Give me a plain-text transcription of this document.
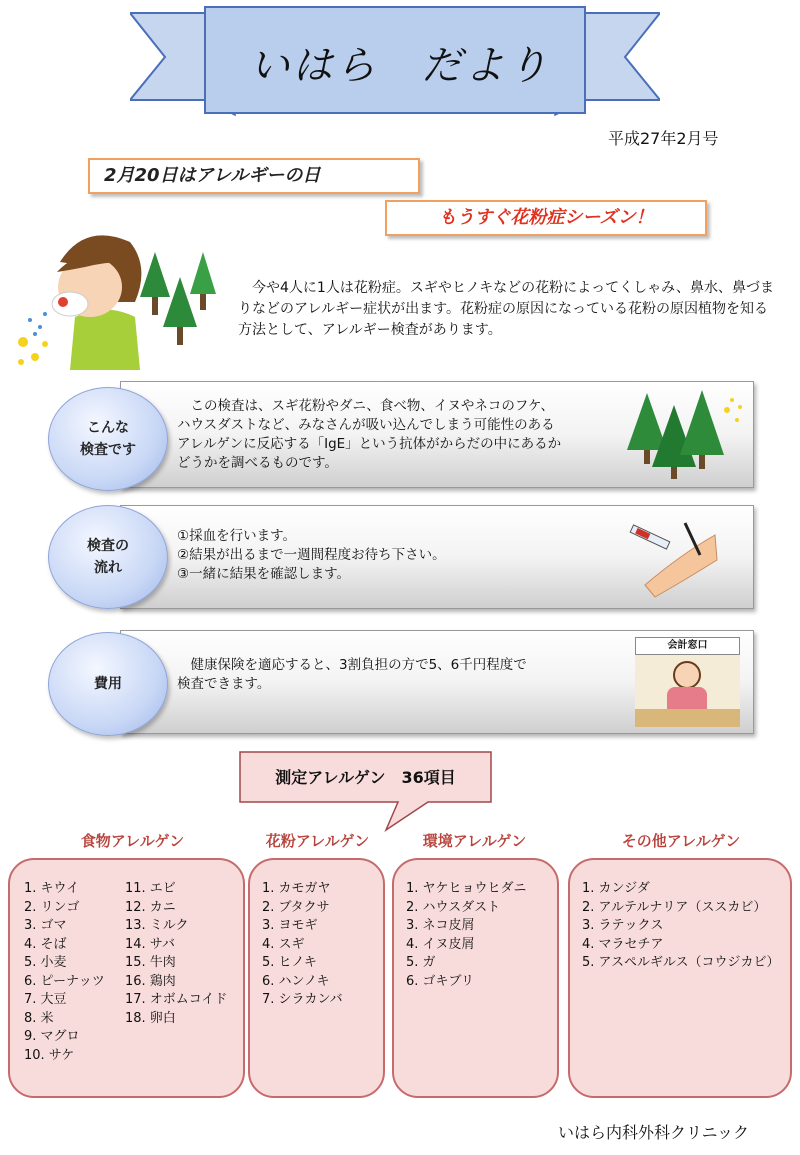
いはら　だより
平成27年2月号
2月20日はアレルギーの日
もうすぐ花粉症シーズン！
今や4人に1人は花粉症。スギやヒノキなどの花粉によってくしゃみ、鼻水、鼻づまりなどのアレルギー症状が出ます。花粉症の原因になっている花粉の原因植物を知る方法として、アレルギー検査があります。
　この検査は、スギ花粉やダニ、食べ物、イヌやネコのフケ、
ハウスダストなど、みなさんが吸い込んでしまう可能性のある
アレルゲンに反応する「IgE」という抗体がからだの中にあるか
どうかを調べるものです。
こんな
検査です
①採血を行います。
②結果が出るまで一週間程度お待ち下さい。
③一緒に結果を確認します。
検査の
流れ
　健康保険を適応すると、3割負担の方で5、6千円程度で
検査できます。
費用
会計窓口
測定アレルゲン　36項目
食物アレルゲン
1. キウイ
2. リンゴ
3. ゴマ
4. そば
5. 小麦
6. ピーナッツ
7. 大豆
8. 米
9. マグロ
10. サケ
11. エビ
12. カニ
13. ミルク
14. サバ
15. 牛肉
16. 鶏肉
17. オボムコイド
18. 卵白
花粉アレルゲン
1. カモガヤ
2. ブタクサ
3. ヨモギ
4. スギ
5. ヒノキ
6. ハンノキ
7. シラカンバ
環境アレルゲン
1. ヤケヒョウヒダニ
2. ハウスダスト
3. ネコ皮屑
4. イヌ皮屑
5. ガ
6. ゴキブリ
その他アレルゲン
1. カンジダ
2. アルテルナリア（ススカビ）
3. ラテックス
4. マラセチア
5. アスペルギルス（コウジカビ）
いはら内科外科クリニック
